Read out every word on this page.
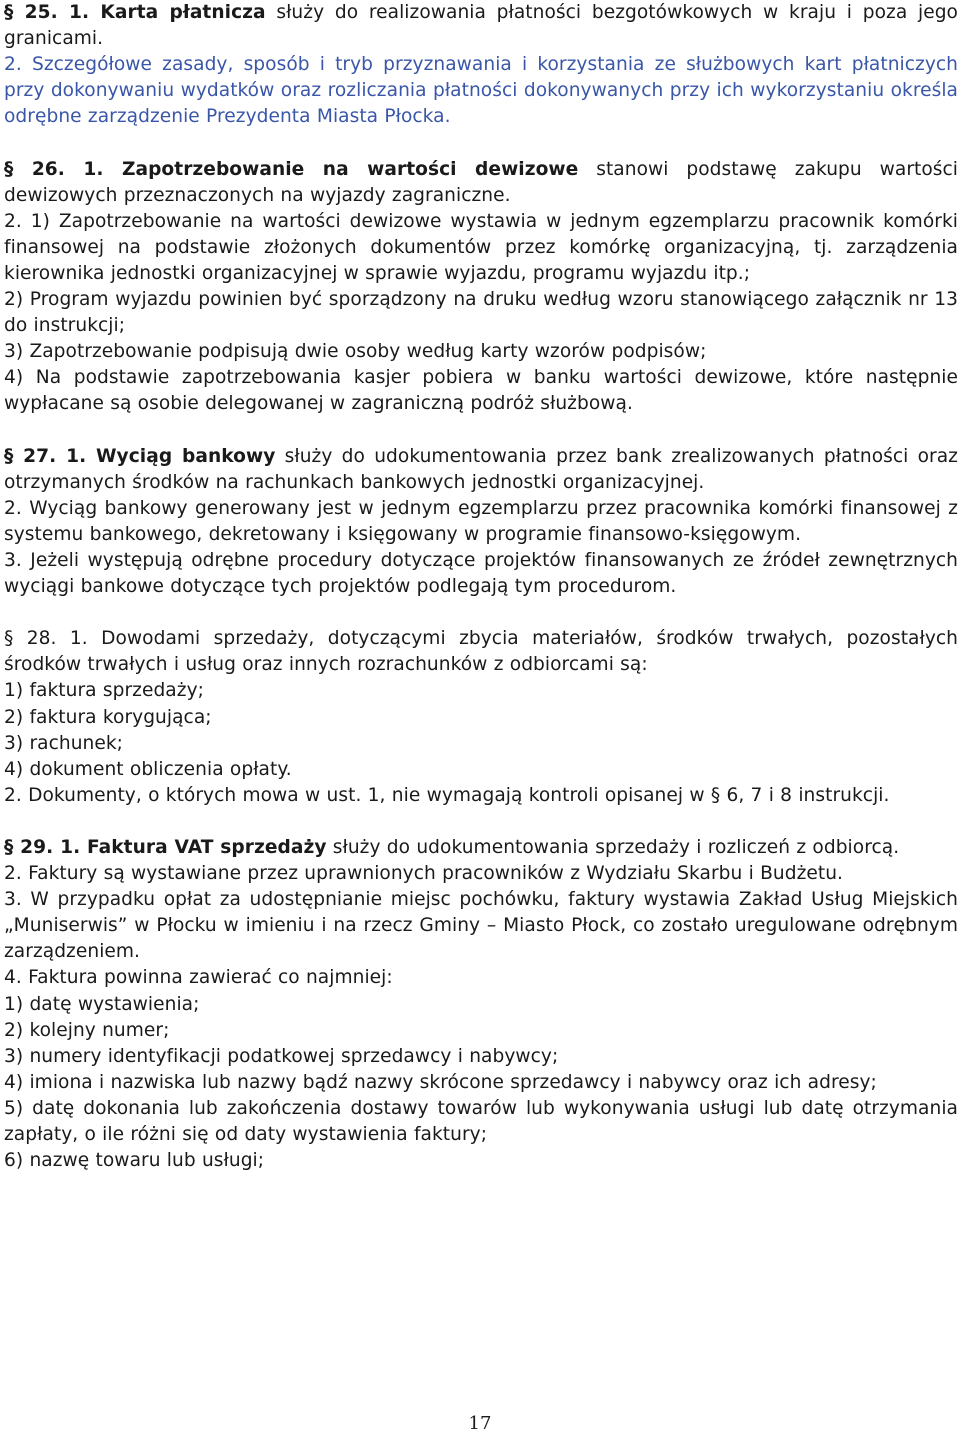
§ 25. 1. Karta płatnicza służy do realizowania płatności bezgotówkowych w kraju i poza jego granicami.

2. Szczegółowe zasady, sposób i tryb przyznawania i korzystania ze służbowych kart płatniczych przy dokonywaniu wydatków oraz rozliczania płatności dokonywanych przy ich wykorzystaniu określa odrębne zarządzenie Prezydenta Miasta Płocka.

§ 26. 1. Zapotrzebowanie na wartości dewizowe stanowi podstawę zakupu wartości dewizowych przeznaczonych na wyjazdy zagraniczne.

2. 1) Zapotrzebowanie na wartości dewizowe wystawia w jednym egzemplarzu pracownik komórki finansowej na podstawie złożonych dokumentów przez komórkę organizacyjną, tj. zarządzenia kierownika jednostki organizacyjnej w sprawie wyjazdu, programu wyjazdu itp.;

2) Program wyjazdu powinien być sporządzony na druku według wzoru stanowiącego załącznik nr 13 do instrukcji;

3) Zapotrzebowanie podpisują dwie osoby według karty wzorów podpisów;

4) Na podstawie zapotrzebowania kasjer pobiera w banku wartości dewizowe, które następnie wypłacane są osobie delegowanej w zagraniczną podróż służbową.

§ 27. 1. Wyciąg bankowy służy do udokumentowania przez bank zrealizowanych płatności oraz otrzymanych środków na rachunkach bankowych jednostki organizacyjnej.

2. Wyciąg bankowy generowany jest w jednym egzemplarzu przez pracownika komórki finansowej z systemu bankowego, dekretowany i księgowany w programie finansowo-księgowym.

3. Jeżeli występują odrębne procedury dotyczące projektów finansowanych ze źródeł zewnętrznych wyciągi bankowe dotyczące tych projektów podlegają tym procedurom.

§ 28. 1. Dowodami sprzedaży, dotyczącymi zbycia materiałów, środków trwałych, pozostałych środków trwałych i usług oraz innych rozrachunków z odbiorcami są:

1) faktura sprzedaży;

2) faktura korygująca;

3) rachunek;

4) dokument obliczenia opłaty.

2. Dokumenty, o których mowa w ust. 1, nie wymagają kontroli opisanej w § 6, 7 i 8 instrukcji.

§ 29. 1. Faktura VAT sprzedaży służy do udokumentowania sprzedaży i rozliczeń z odbiorcą.

2. Faktury są wystawiane przez uprawnionych pracowników z Wydziału Skarbu i Budżetu.

3. W przypadku opłat za udostępnianie miejsc pochówku, faktury wystawia Zakład Usług Miejskich „Muniserwis” w Płocku w imieniu i na rzecz Gminy – Miasto Płock, co zostało uregulowane odrębnym zarządzeniem.

4. Faktura powinna zawierać co najmniej:

1) datę wystawienia;

2) kolejny numer;

3) numery identyfikacji podatkowej sprzedawcy i nabywcy;

4) imiona i nazwiska lub nazwy bądź nazwy skrócone sprzedawcy i nabywcy oraz ich adresy;

5) datę dokonania lub zakończenia dostawy towarów lub wykonywania usługi lub datę otrzymania zapłaty, o ile różni się od daty wystawienia faktury;

6) nazwę towaru lub usługi;

17
